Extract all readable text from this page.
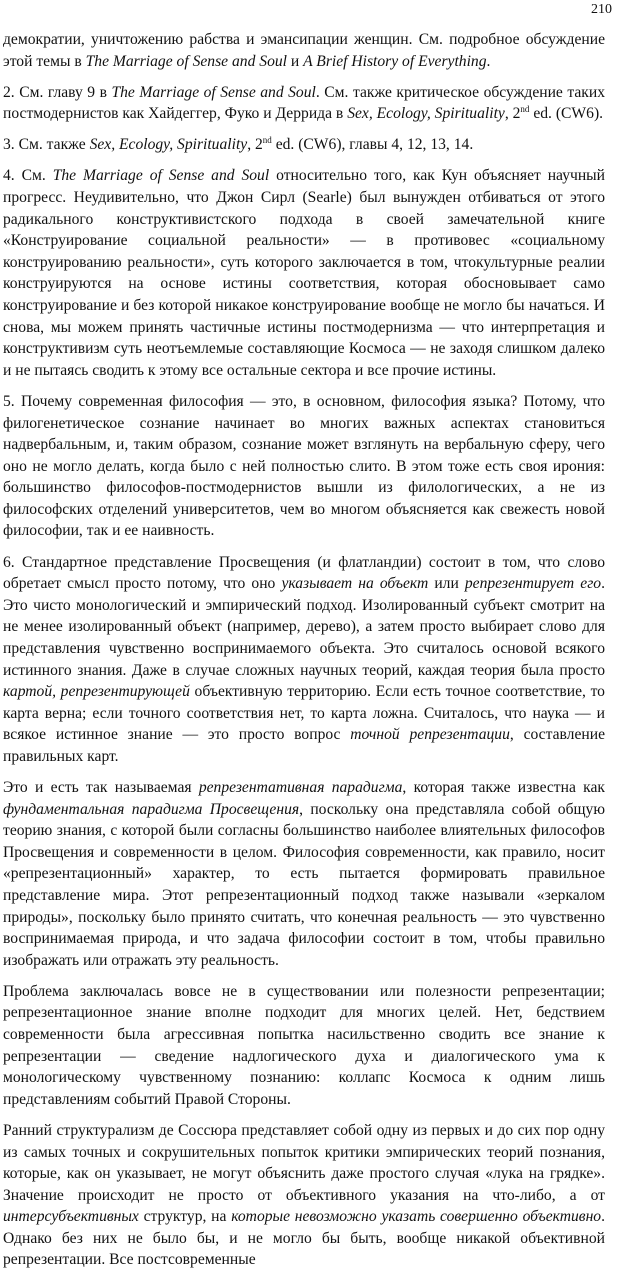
210

демократии, уничтожению рабства и эмансипации женщин. См. подробное обсуждение этой темы в The Marriage of Sense and Soul и A Brief History of Everything.

2. См. главу 9 в The Marriage of Sense and Soul. См. также критическое обсуждение таких постмодернистов как Хайдеггер, Фуко и Деррида в Sex, Ecology, Spirituality, 2nd ed. (CW6).

3. См. также Sex, Ecology, Spirituality, 2nd ed. (CW6), главы 4, 12, 13, 14.

4. См. The Marriage of Sense and Soul относительно того, как Кун объясняет научный прогресс. Неудивительно, что Джон Сирл (Searle) был вынужден отбиваться от этого радикального конструктивистского подхода в своей замечательной книге «Конструирование социальной реальности» — в противовес «социальному конструированию реальности», суть которого заключается в том, чтокультурные реалии конструируются на основе истины соответствия, которая обосновывает само конструирование и без которой никакое конструирование вообще не могло бы начаться. И снова, мы можем принять частичные истины постмодернизма — что интерпретация и конструктивизм суть неотъемлемые составляющие Космоса — не заходя слишком далеко и не пытаясь сводить к этому все остальные сектора и все прочие истины.

5. Почему современная философия — это, в основном, философия языка? Потому, что филогенетическое сознание начинает во многих важных аспектах становиться надвербальным, и, таким образом, сознание может взглянуть на вербальную сферу, чего оно не могло делать, когда было с ней полностью слито. В этом тоже есть своя ирония: большинство философов-постмодернистов вышли из филологических, а не из философских отделений университетов, чем во многом объясняется как свежесть новой философии, так и ее наивность.

6. Стандартное представление Просвещения (и флатландии) состоит в том, что слово обретает смысл просто потому, что оно указывает на объект или репрезентирует его. Это чисто монологический и эмпирический подход. Изолированный субъект смотрит на не менее изолированный объект (например, дерево), а затем просто выбирает слово для представления чувственно воспринимаемого объекта. Это считалось основой всякого истинного знания. Даже в случае сложных научных теорий, каждая теория была просто картой, репрезентирующей объективную территорию. Если есть точное соответствие, то карта верна; если точного соответствия нет, то карта ложна. Считалось, что наука — и всякое истинное знание — это просто вопрос точной репрезентации, составление правильных карт.

Это и есть так называемая репрезентативная парадигма, которая также известна как фундаментальная парадигма Просвещения, поскольку она представляла собой общую теорию знания, с которой были согласны большинство наиболее влиятельных философов Просвещения и современности в целом. Философия современности, как правило, носит «репрезентационный» характер, то есть пытается формировать правильное представление мира. Этот репрезентационный подход также называли «зеркалом природы», поскольку было принято считать, что конечная реальность — это чувственно воспринимаемая природа, и что задача философии состоит в том, чтобы правильно изображать или отражать эту реальность.

Проблема заключалась вовсе не в существовании или полезности репрезентации; репрезентационное знание вполне подходит для многих целей. Нет, бедствием современности была агрессивная попытка насильственно сводить все знание к репрезентации — сведение надлогического духа и диалогического ума к монологическому чувственному познанию: коллапс Космоса к одним лишь представлениям событий Правой Стороны.

Ранний структурализм де Соссюра представляет собой одну из первых и до сих пор одну из самых точных и сокрушительных попыток критики эмпирических теорий познания, которые, как он указывает, не могут объяснить даже простого случая «лука на грядке». Значение происходит не просто от объективного указания на что-либо, а от интерсубъективных структур, на которые невозможно указать совершенно объективно. Однако без них не было бы, и не могло бы быть, вообще никакой объективной репрезентации. Все постсовременные
